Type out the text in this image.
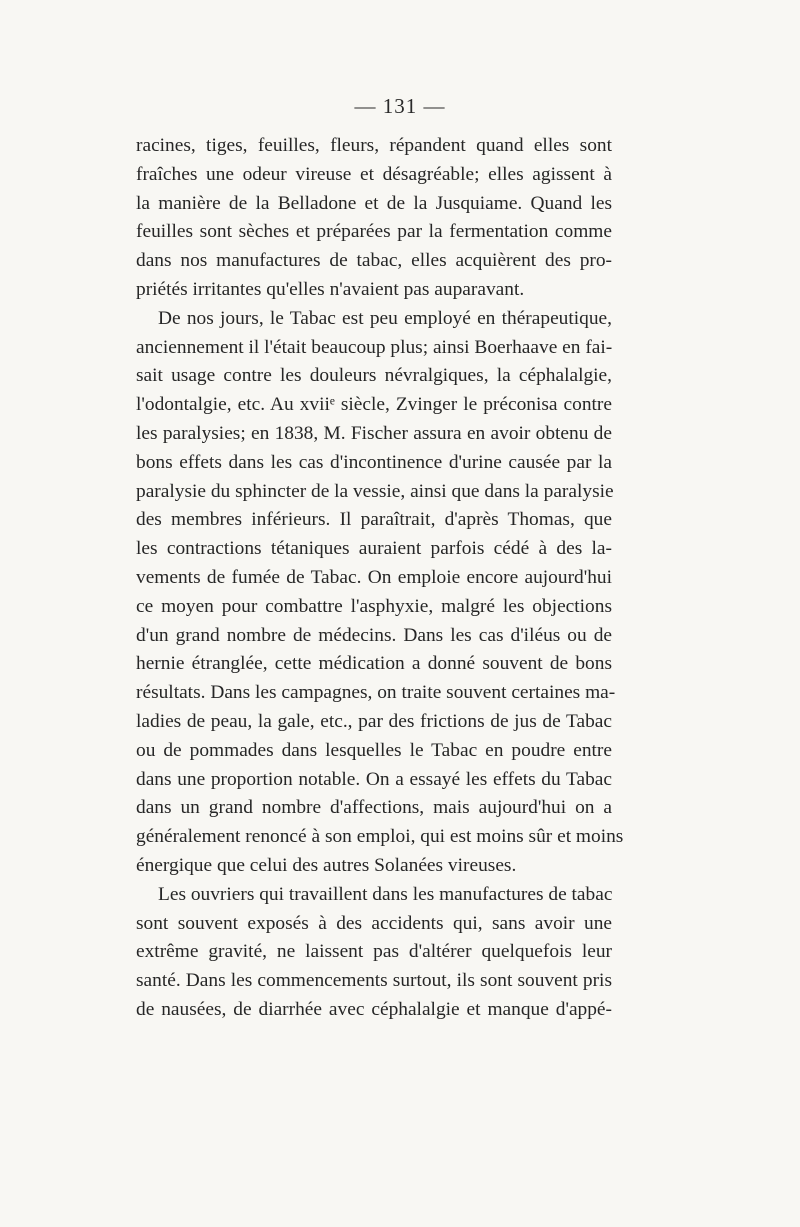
— 131 —
racines, tiges, feuilles, fleurs, répandent quand elles sont
fraîches une odeur vireuse et désagréable; elles agissent à
la manière de la Belladone et de la Jusquiame. Quand les
feuilles sont sèches et préparées par la fermentation comme
dans nos manufactures de tabac, elles acquièrent des pro-
priétés irritantes qu'elles n'avaient pas auparavant.
De nos jours, le Tabac est peu employé en thérapeutique,
anciennement il l'était beaucoup plus; ainsi Boerhaave en fai-
sait usage contre les douleurs névralgiques, la céphalalgie,
l'odontalgie, etc. Au xviiᵉ siècle, Zvinger le préconisa contre
les paralysies; en 1838, M. Fischer assura en avoir obtenu de
bons effets dans les cas d'incontinence d'urine causée par la
paralysie du sphincter de la vessie, ainsi que dans la paralysie
des membres inférieurs. Il paraîtrait, d'après Thomas, que
les contractions tétaniques auraient parfois cédé à des la-
vements de fumée de Tabac. On emploie encore aujourd'hui
ce moyen pour combattre l'asphyxie, malgré les objections
d'un grand nombre de médecins. Dans les cas d'iléus ou de
hernie étranglée, cette médication a donné souvent de bons
résultats. Dans les campagnes, on traite souvent certaines ma-
ladies de peau, la gale, etc., par des frictions de jus de Tabac
ou de pommades dans lesquelles le Tabac en poudre entre
dans une proportion notable. On a essayé les effets du Tabac
dans un grand nombre d'affections, mais aujourd'hui on a
généralement renoncé à son emploi, qui est moins sûr et moins
énergique que celui des autres Solanées vireuses.
Les ouvriers qui travaillent dans les manufactures de tabac
sont souvent exposés à des accidents qui, sans avoir une
extrême gravité, ne laissent pas d'altérer quelquefois leur
santé. Dans les commencements surtout, ils sont souvent pris
de nausées, de diarrhée avec céphalalgie et manque d'appé-
